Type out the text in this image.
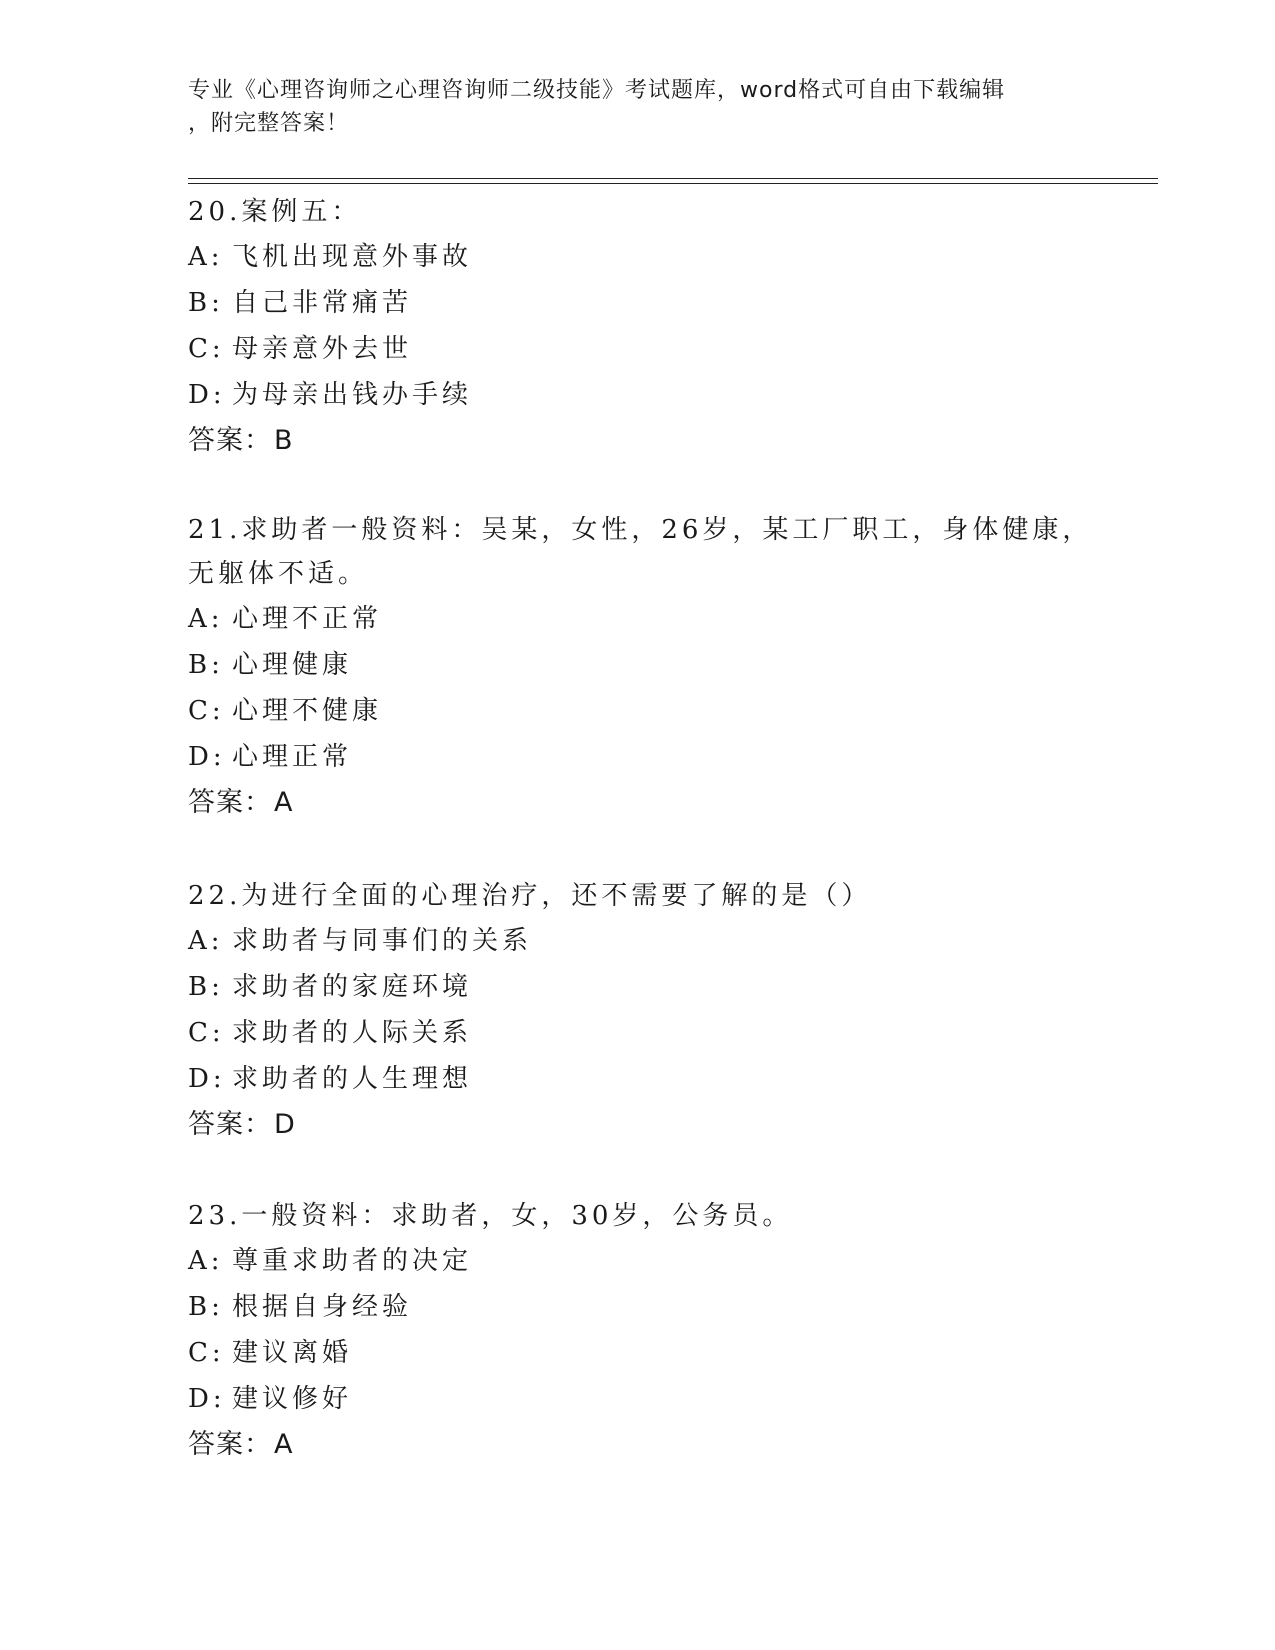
专业《心理咨询师之心理咨询师二级技能》考试题库，word格式可自由下载编辑
，附完整答案！

20.案例五：

A: 飞机出现意外事故

B: 自己非常痛苦

C: 母亲意外去世

D: 为母亲出钱办手续

答案：B

21.求助者一般资料：吴某，女性，26岁，某工厂职工，身体健康，无躯体不适。

A: 心理不正常

B: 心理健康

C: 心理不健康

D: 心理正常

答案：A

22.为进行全面的心理治疗，还不需要了解的是（）

A: 求助者与同事们的关系

B: 求助者的家庭环境

C: 求助者的人际关系

D: 求助者的人生理想

答案：D

23.一般资料：求助者，女，30岁，公务员。

A: 尊重求助者的决定

B: 根据自身经验

C: 建议离婚

D: 建议修好

答案：A
